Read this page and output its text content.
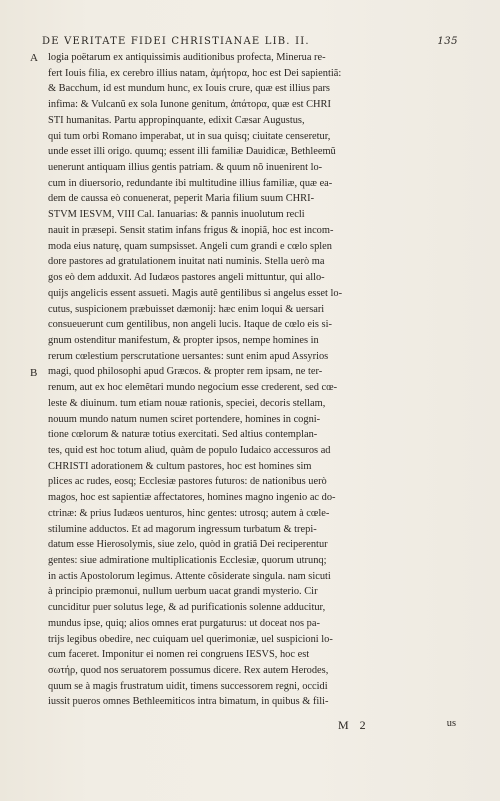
DE VERITATE FIDEI CHRISTIANAE LIB. II.	135
A
B
logia poëtarum ex antiquissimis auditionibus profecta, Minerua re-
fert Iouis filia, ex cerebro illius natam, ἀμήτορα, hoc est Dei sapientiã:
& Bacchum, id est mundum hunc, ex Iouis crure, quæ est illius pars
infima: & Vulcanũ ex sola Iunone genitum, ἀπάτορα, quæ est CHRI
STI humanitas. Partu appropinquante, edixit Cæsar Augustus,
qui tum orbi Romano imperabat, ut in sua quisq; ciuitate censeretur,
unde esset illi origo. quumq; essent illi familiæ Dauidicæ, Bethleemũ
uenerunt antiquam illius gentis patriam. & quum nõ inuenirent lo-
cum in diuersorio, redundante ibi multitudine illius familiæ, quæ ea-
dem de caussa eò conuenerat, peperit Maria filium suum CHRI-
STVM IESVM, VIII Cal. Ianuarias: & pannis inuolutum recli
nauit in præsepi. Sensit statim infans frigus & inopiã, hoc est incom-
moda eius naturę, quam sumpsisset. Angeli cum grandi e cœlo splen
dore pastores ad gratulationem inuitat nati numinis. Stella uerò ma
gos eò dem adduxit. Ad Iudæos pastores angeli mittuntur, qui allo-
quijs angelicis essent assueti. Magis autẽ gentilibus si angelus esset lo-
cutus, suspicionem præbuisset dæmonij: hæc enim loqui & uersari
consueuerunt cum gentilibus, non angeli lucis. Itaque de cœlo eis si-
gnum ostenditur manifestum, & propter ipsos, nempe homines in
rerum cœlestium perscrutatione uersantes: sunt enim apud Assyrios
magi, quod philosophi apud Græcos. & propter rem ipsam, ne ter-
renum, aut ex hoc elemẽtari mundo negocium esse crederent, sed cœ-
leste & diuinum. tum etiam nouæ rationis, speciei, decoris stellam,
nouum mundo natum numen sciret portendere, homines in cogni-
tione cœlorum & naturæ totius exercitati. Sed altius contemplan-
tes, quid est hoc totum aliud, quàm de populo Iudaico accessuros ad
CHRISTI adorationem & cultum pastores, hoc est homines sim
plices ac rudes, eosq; Ecclesiæ pastores futuros: de nationibus uerò
magos, hoc est sapientiæ affectatores, homines magno ingenio ac do-
ctrinæ: & prius Iudæos uenturos, hinc gentes: utrosq; autem à cœle-
stilumine adductos. Et ad magorum ingressum turbatum & trepi-
datum esse Hierosolymis, siue zelo, quòd in gratiã Dei reciperentur
gentes: siue admiratione multiplicationis Ecclesiæ, quorum utrunq;
in actis Apostolorum legimus. Attente cõsiderate singula. nam sicuti
à principio præmonui, nullum uerbum uacat grandi mysterio. Cir
cunciditur puer solutus lege, & ad purificationis solenne adducitur,
mundus ipse, quiq; alios omnes erat purgaturus: ut doceat nos pa-
trijs legibus obedire, nec cuiquam uel querimoniæ, uel suspicioni lo-
cum faceret. Imponitur ei nomen rei congruens IESVS, hoc est
σωτήρ, quod nos seruatorem possumus dicere. Rex autem Herodes,
quum se à magis frustratum uidit, timens successorem regni, occidi
iussit pueros omnes Bethleemiticos intra bimatum, in quibus & fili-
M 2	us
